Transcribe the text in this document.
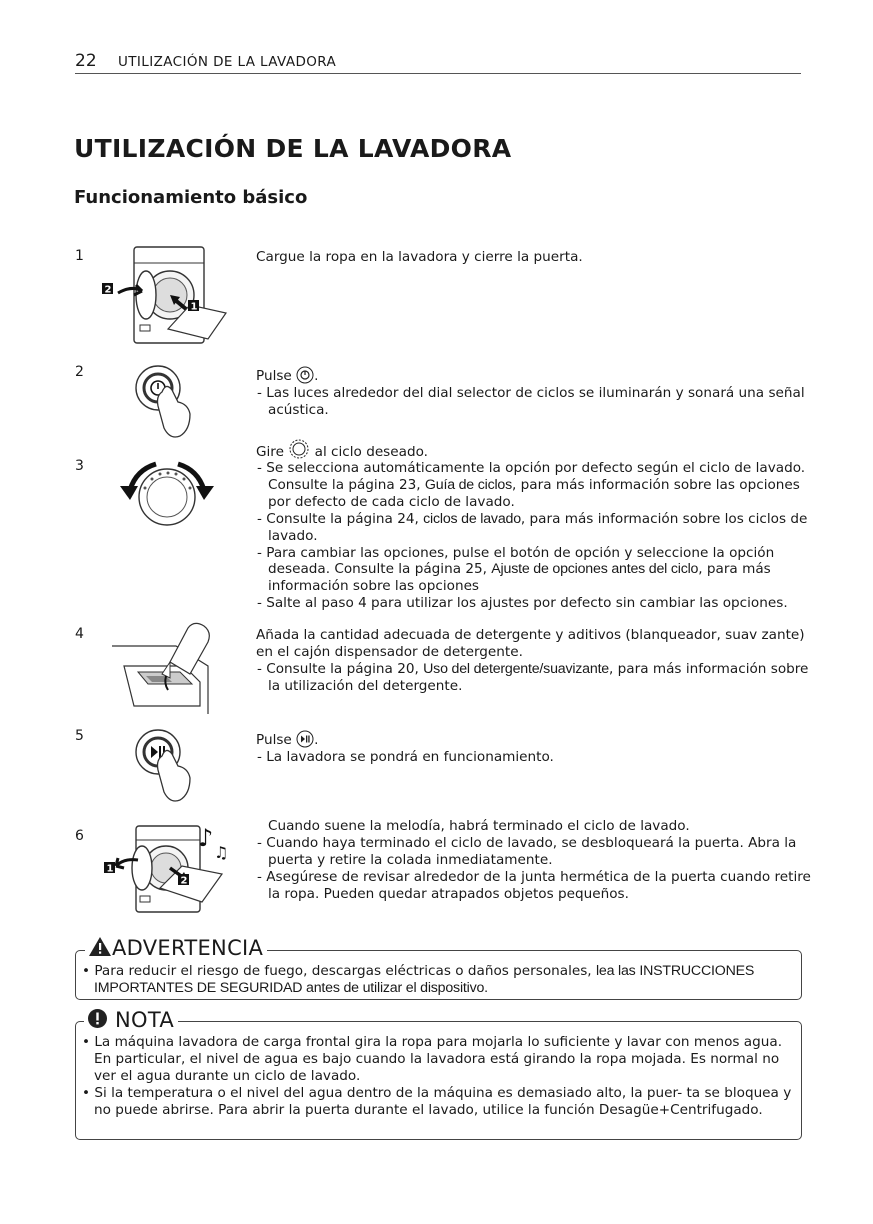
22 UTILIZACIÓN DE LA LAVADORA
UTILIZACIÓN DE LA LAVADORA
Funcionamiento básico
1
2
1
Cargue la ropa en la lavadora y cierre la puerta.
2	Pulse .

- Las luces alrededor del dial selector de ciclos se iluminarán y sonará una señal acústica.

Gire al ciclo deseado.

3	- Se selecciona automáticamente la opción por defecto según el ciclo de lavado. Consulte la página 23, Guía de ciclos, para más información sobre las opciones por defecto de cada ciclo de lavado.

- Consulte la página 24, ciclos de lavado, para más información sobre los ciclos de lavado.

- Para cambiar las opciones, pulse el botón de opción y seleccione la opción deseada. Consulte la página 25, Ajuste de opciones antes del ciclo, para más información sobre las opciones

- Salte al paso 4 para utilizar los ajustes por defecto sin cambiar las opciones.

4	Añada la cantidad adecuada de detergente y aditivos (blanqueador, suav zante) en el cajón dispensador de detergente.

- Consulte la página 20, Uso del detergente/suavizante, para más información sobre la utilización del detergente.

5	Pulse .

- La lavadora se pondrá en funcionamiento.

6
1
2
♪
♫

Cuando suene la melodía, habrá terminado el ciclo de lavado.

- Cuando haya terminado el ciclo de lavado, se desbloqueará la puerta. Abra la puerta y retire la colada inmediatamente.

- Asegúrese de revisar alrededor de la junta hermética de la puerta cuando retire la ropa. Pueden quedar atrapados objetos pequeños.

ADVERTENCIA

• Para reducir el riesgo de fuego, descargas eléctricas o daños personales, lea las INSTRUCCIONES IMPORTANTES DE SEGURIDAD antes de utilizar el dispositivo.

NOTA

• La máquina lavadora de carga frontal gira la ropa para mojarla lo suficiente y lavar con menos agua. En particular, el nivel de agua es bajo cuando la lavadora está girando la ropa mojada. Es normal no ver el agua durante un ciclo de lavado.

• Si la temperatura o el nivel del agua dentro de la máquina es demasiado alto, la puer- ta se bloquea y no puede abrirse. Para abrir la puerta durante el lavado, utilice la función Desagüe+Centrifugado.
